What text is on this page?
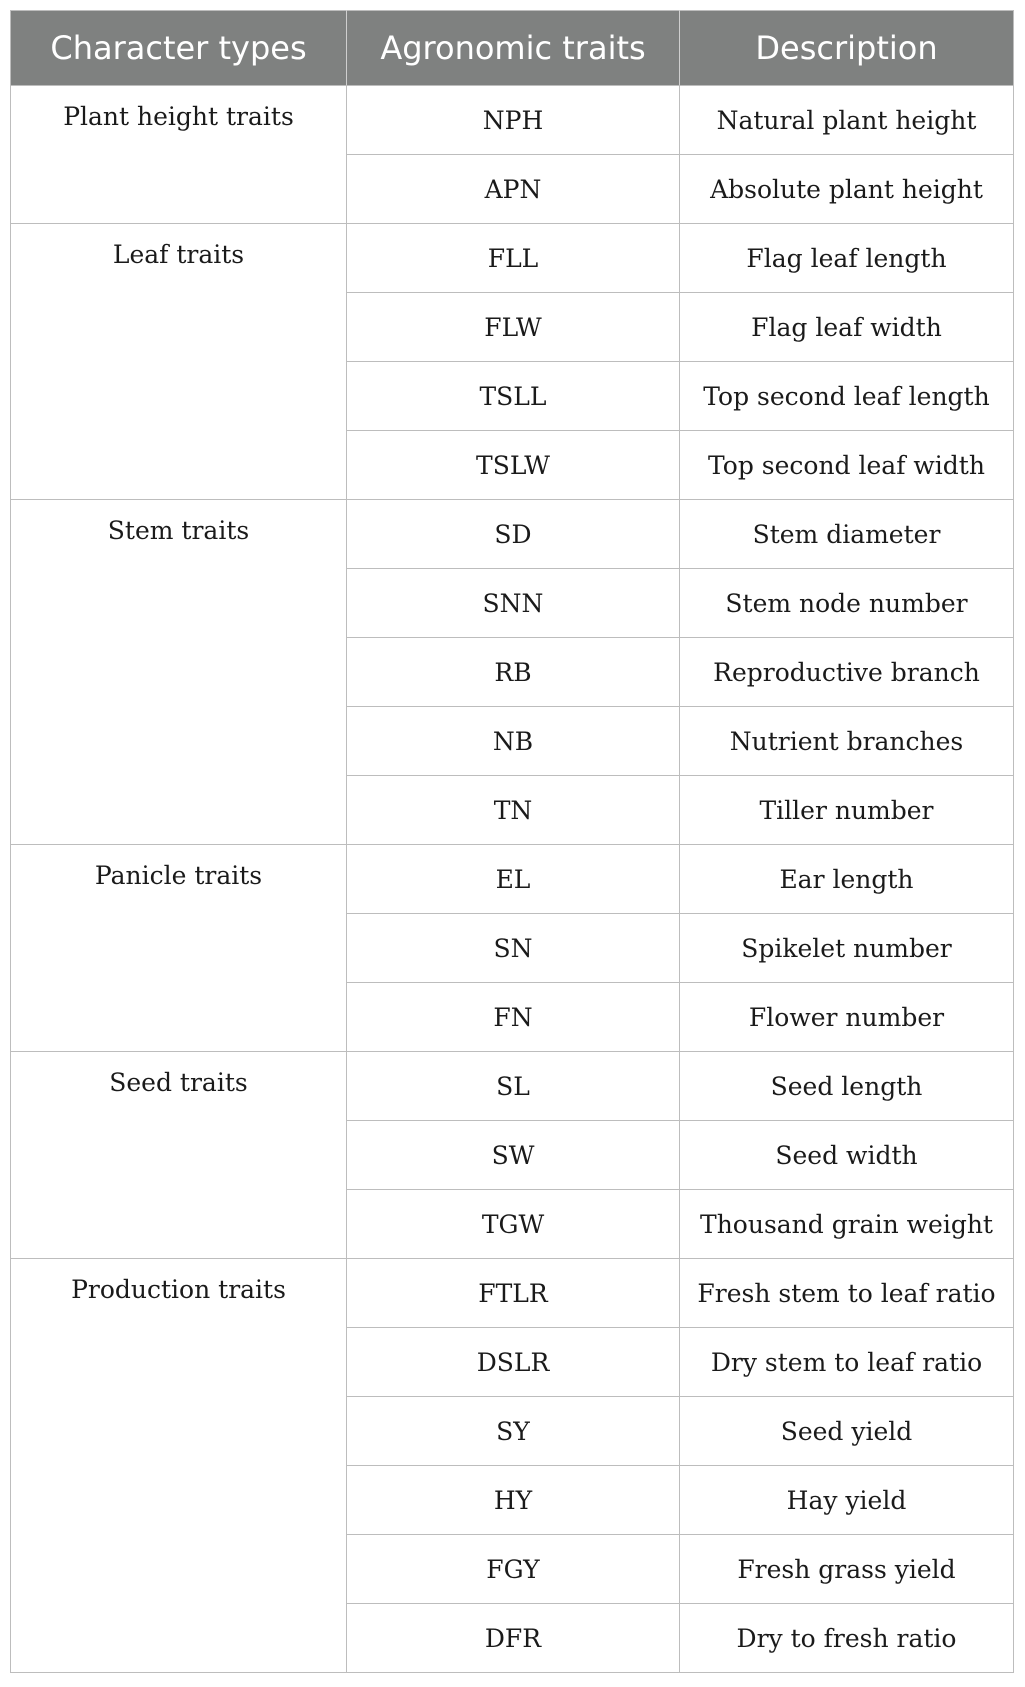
Character types	Agronomic traits	Description
Plant height traits	NPH	Natural plant height
	APN	Absolute plant height
Leaf traits	FLL	Flag leaf length
	FLW	Flag leaf width
	TSLL	Top second leaf length
	TSLW	Top second leaf width
Stem traits	SD	Stem diameter
	SNN	Stem node number
	RB	Reproductive branch
	NB	Nutrient branches
	TN	Tiller number
Panicle traits	EL	Ear length
	SN	Spikelet number
	FN	Flower number
Seed traits	SL	Seed length
	SW	Seed width
	TGW	Thousand grain weight
Production traits	FTLR	Fresh stem to leaf ratio
	DSLR	Dry stem to leaf ratio
	SY	Seed yield
	HY	Hay yield
	FGY	Fresh grass yield
	DFR	Dry to fresh ratio
